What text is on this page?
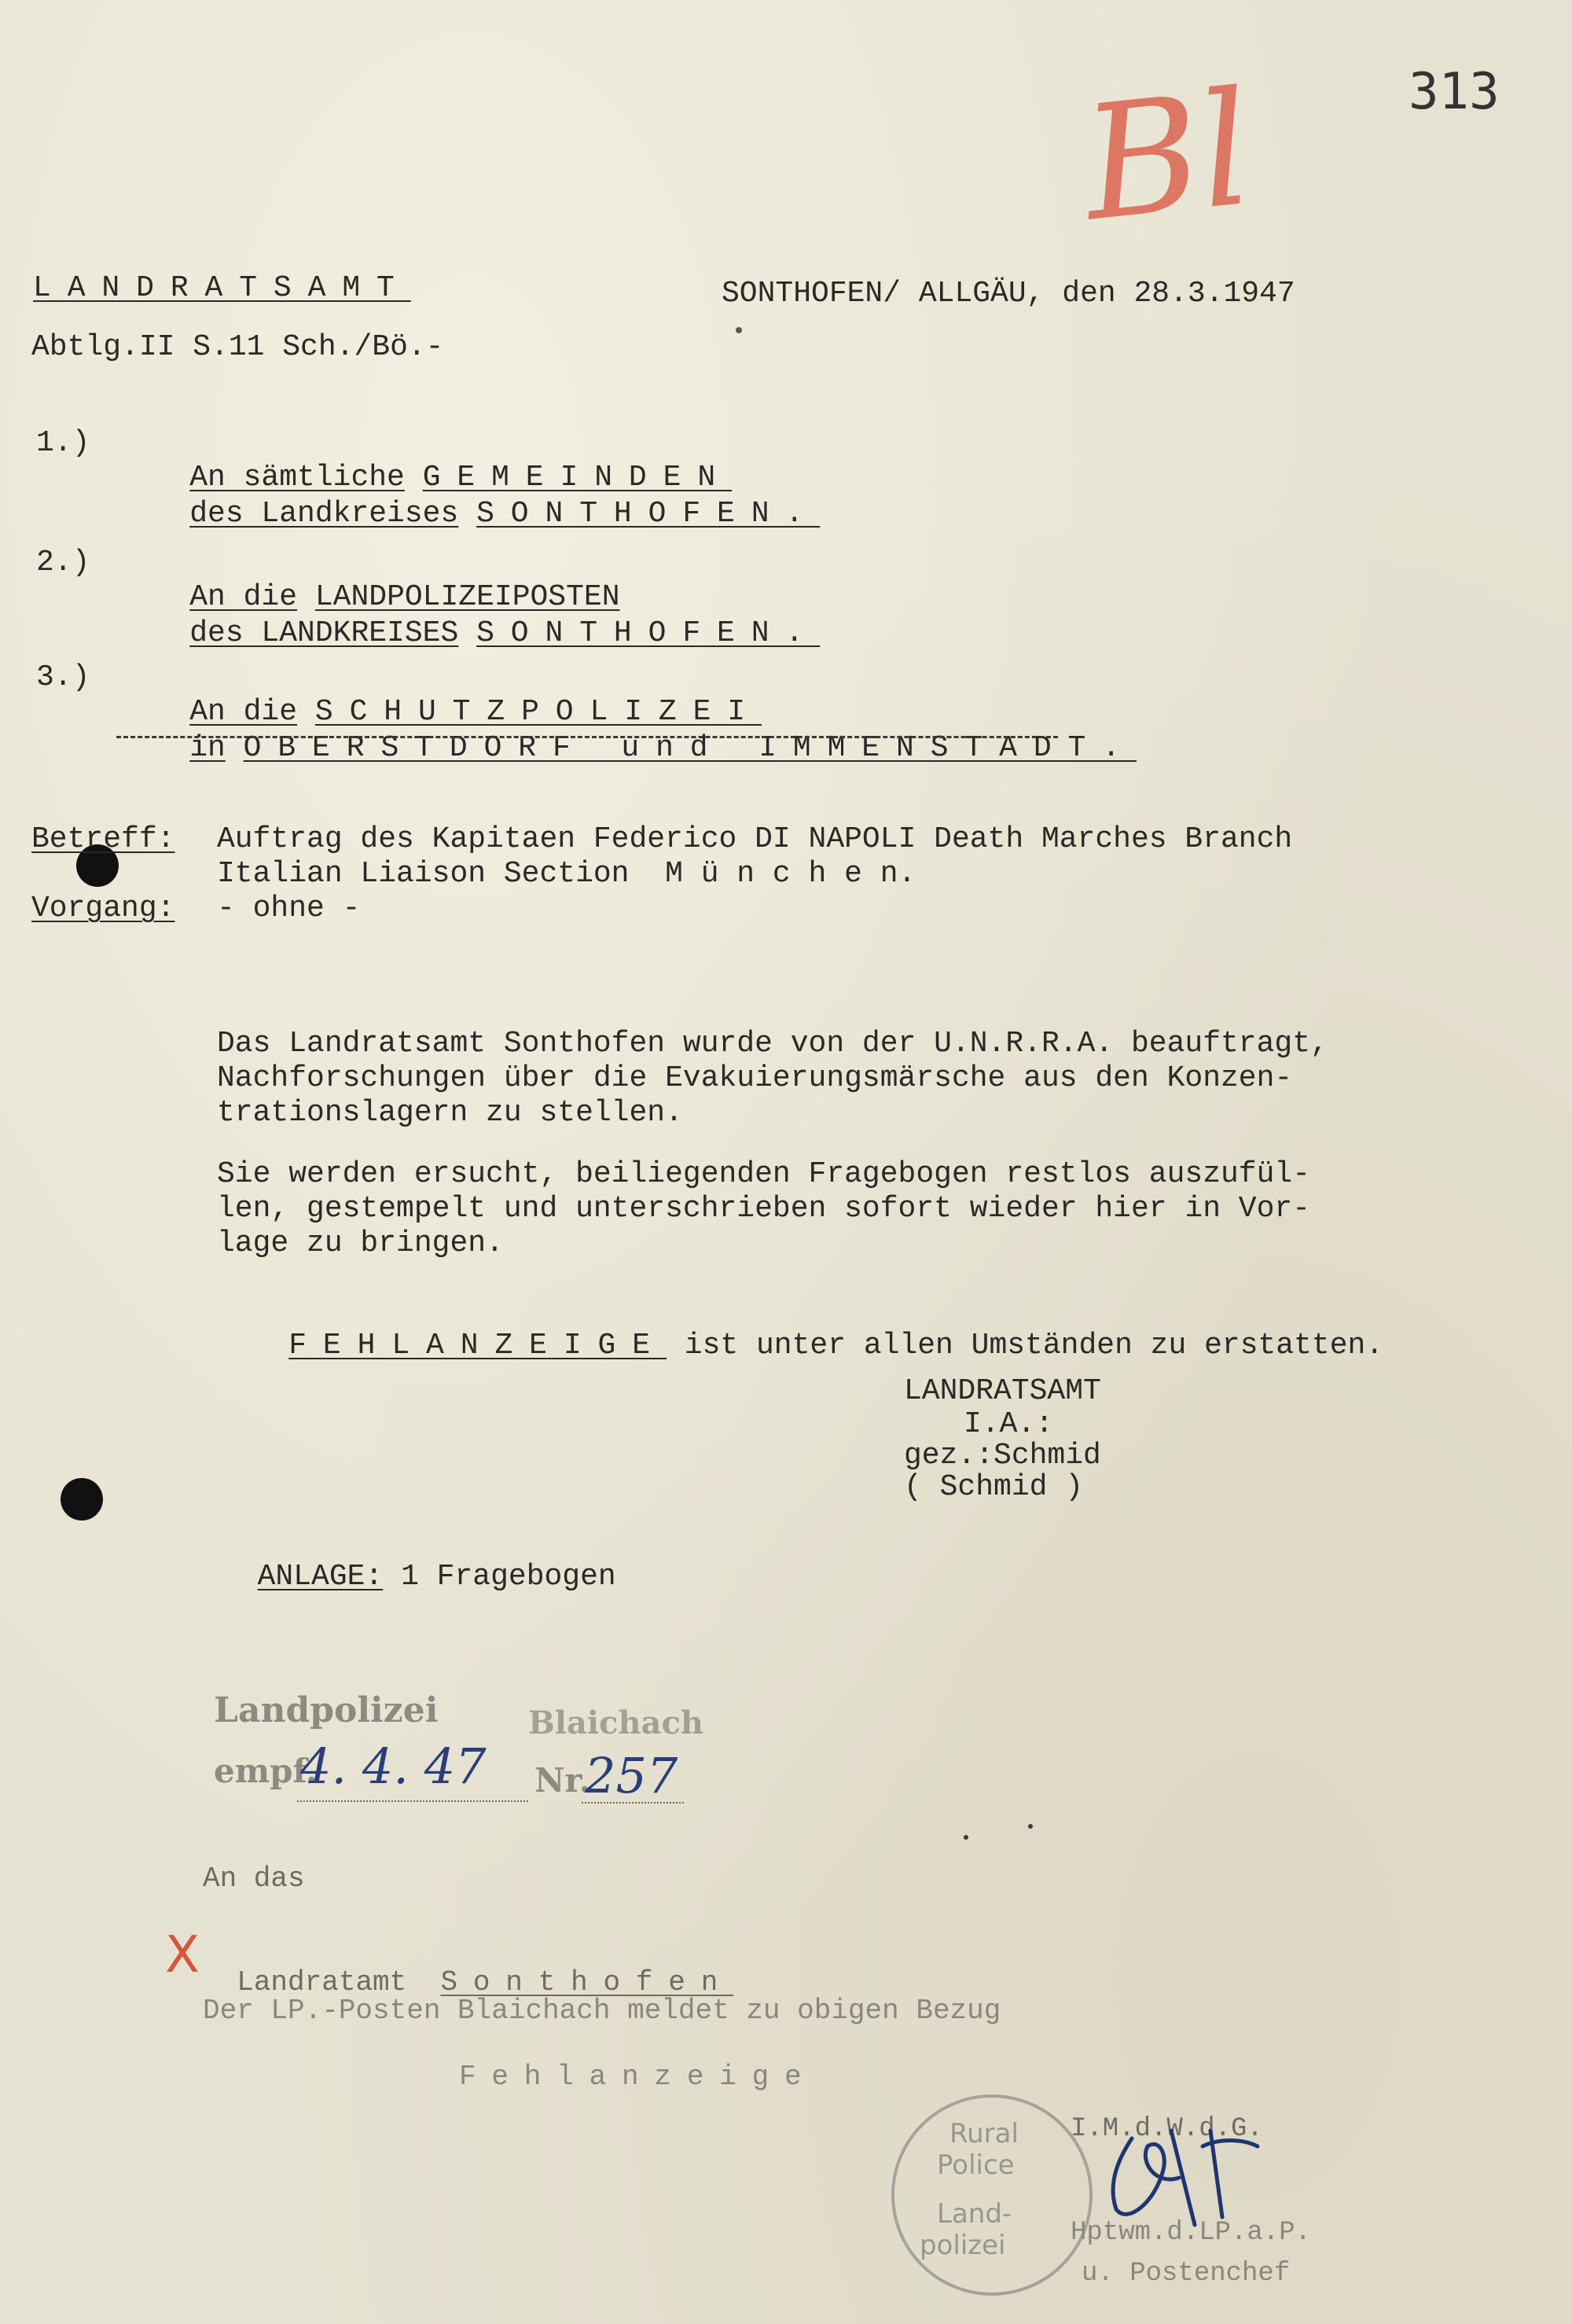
313
Bl
LANDRATSAMT
Abtlg.II S.11 Sch./Bö.-
SONTHOFEN/ ALLGÄU, den 28.3.1947
1.)

An sämtliche GEMEINDEN

des Landkreises SONTHOFEN.

2.)

An die LANDPOLIZEIPOSTEN

des LANDKREISES SONTHOFEN.

3.)

An die SCHUTZPOLIZEI

in OBERSTDORF und IMMENSTADT.

Betreff: Auftrag des Kapitaen Federico DI NAPOLI Death Marches Branch
Italian Liaison Section  M ü n c h e n.
Vorgang: - ohne -
Das Landratsamt Sonthofen wurde von der U.N.R.R.A. beauftragt,
Nachforschungen über die Evakuierungsmärsche aus den Konzen-
trationslagern zu stellen.
Sie werden ersucht, beiliegenden Fragebogen restlos auszufül-
len, gestempelt und unterschrieben sofort wieder hier in Vor-
lage zu bringen.

FEHLANZEIGE ist unter allen Umständen zu erstatten.

LANDRATSAMT
I.A.:
gez.:Schmid
( Schmid )

ANLAGE: 1 Fragebogen

Landpolizei	Blaichach
empf.
4. 4. 47 Nr.
257
An das
X	Landratamt Sonthofen

Der LP.-Posten Blaichach meldet zu obigen Bezug
Fehlanzeige
Rural
Police
Land-
polizei
I.M.d.W.d.G.
Hptwm.d.LP.a.P.
u. Postenchef
